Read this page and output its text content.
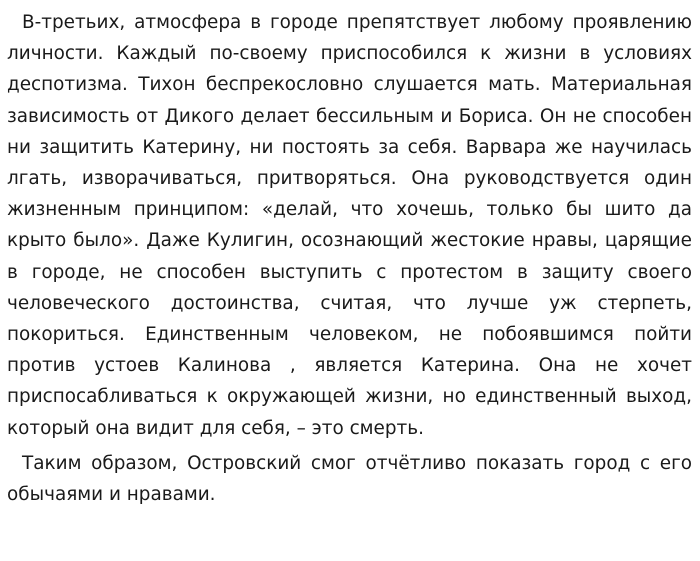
В-третьих, атмосфера в городе препятствует любому проявлению личности. Каждый по-своему приспособился к жизни в условиях деспотизма. Тихон беспрекословно слушается мать. Материальная зависимость от Дикого делает бессильным и Бориса. Он не способен ни защитить Катерину, ни постоять за себя. Варвара же научилась лгать, изворачиваться, притворяться. Она руководствуется один жизненным принципом: «делай, что хочешь, только бы шито да крыто было». Даже Кулигин, осознающий жестокие нравы, царящие в городе, не способен выступить с протестом в защиту своего человеческого достоинства, считая, что лучше уж стерпеть, покориться. Единственным человеком, не побоявшимся пойти против устоев Калинова , является Катерина. Она не хочет приспосабливаться к окружающей жизни, но единственный выход, который она видит для себя, – это смерть.

Таким образом, Островский смог отчётливо показать город с его обычаями и нравами.
